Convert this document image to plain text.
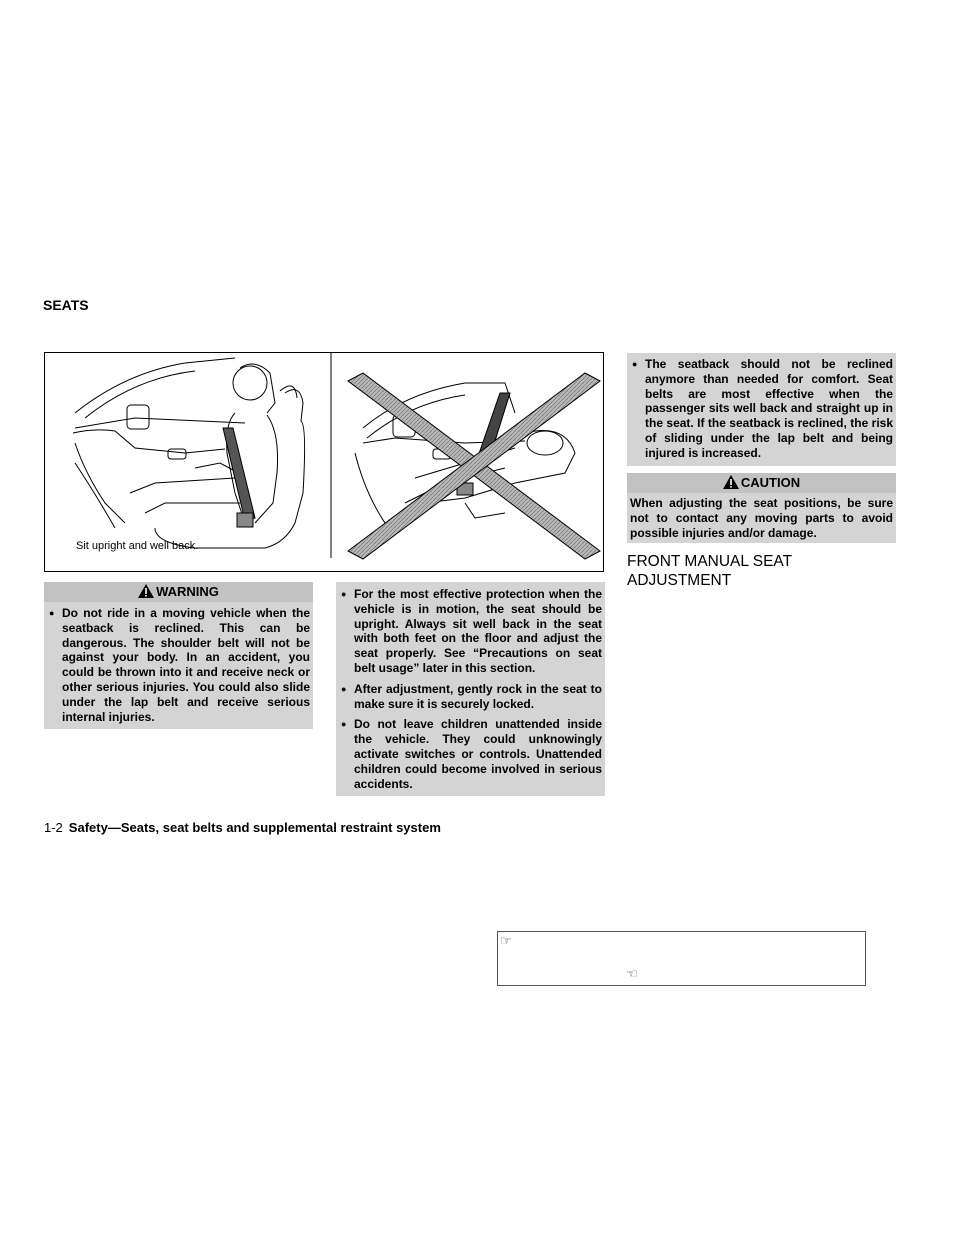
SEATS
Sit upright and well back.
WARNING
● Do not ride in a moving vehicle when the seatback is reclined. This can be dangerous. The shoulder belt will not be against your body. In an accident, you could be thrown into it and receive neck or other serious injuries. You could also slide under the lap belt and receive serious internal injuries.
● For the most effective protection when the vehicle is in motion, the seat should be upright. Always sit well back in the seat with both feet on the floor and adjust the seat properly. See “Precautions on seat belt usage” later in this section.
● After adjustment, gently rock in the seat to make sure it is securely locked.
● Do not leave children unattended inside the vehicle. They could unknowingly activate switches or controls. Unattended children could become involved in serious accidents.
● The seatback should not be reclined anymore than needed for comfort. Seat belts are most effective when the passenger sits well back and straight up in the seat. If the seatback is reclined, the risk of sliding under the lap belt and being injured is increased.
CAUTION
When adjusting the seat positions, be sure not to contact any moving parts to avoid possible injuries and/or damage.
FRONT MANUAL SEAT ADJUSTMENT
1-2 Safety—Seats, seat belts and supplemental restraint system
☞
☜
